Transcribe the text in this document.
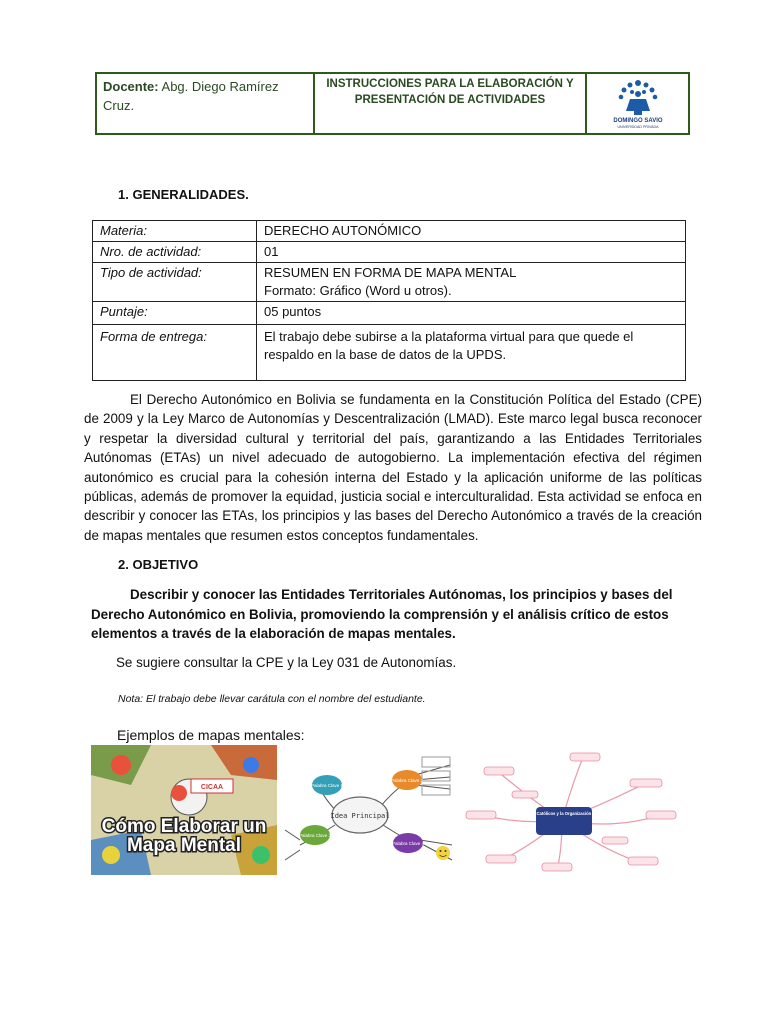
Docente: Abg. Diego Ramírez Cruz.
INSTRUCCIONES PARA LA ELABORACIÓN Y PRESENTACIÓN DE ACTIVIDADES
DOMINGO SAVIO
UNIVERSIDAD PRIVADA
1. GENERALIDADES.
Materia:	DERECHO AUTONÓMICO
Nro. de actividad:	01
Tipo de actividad:	RESUMEN EN FORMA DE MAPA MENTAL
Formato: Gráfico (Word u otros).

Puntaje:	05 puntos
Forma de entrega:	El trabajo debe subirse a la plataforma virtual para que quede el respaldo en la base de datos de la UPDS.

El Derecho Autonómico en Bolivia se fundamenta en la Constitución Política del Estado (CPE) de 2009 y la Ley Marco de Autonomías y Descentralización (LMAD). Este marco legal busca reconocer y respetar la diversidad cultural y territorial del país, garantizando a las Entidades Territoriales Autónomas (ETAs) un nivel adecuado de autogobierno. La implementación efectiva del régimen autonómico es crucial para la cohesión interna del Estado y la aplicación uniforme de las políticas públicas, además de promover la equidad, justicia social e interculturalidad. Esta actividad se enfoca en describir y conocer las ETAs, los principios y las bases del Derecho Autonómico a través de la creación de mapas mentales que resumen estos conceptos fundamentales.

2. OBJETIVO

Describir y conocer las Entidades Territoriales Autónomas, los principios y bases del Derecho Autonómico en Bolivia, promoviendo la comprensión y el análisis crítico de estos elementos a través de la elaboración de mapas mentales.

Se sugiere consultar la CPE y la Ley 031 de Autonomías.
Nota: El trabajo debe llevar carátula con el nombre del estudiante.
Ejemplos de mapas mentales:
CICAA
Cómo Elaborar un
Mapa Mental
Idea Principal
Palabra Clave 1
Palabra Clave 2
Palabra Clave 3
Palabra Clave 4
Los Reyes Católicos y la Organización del Estado
